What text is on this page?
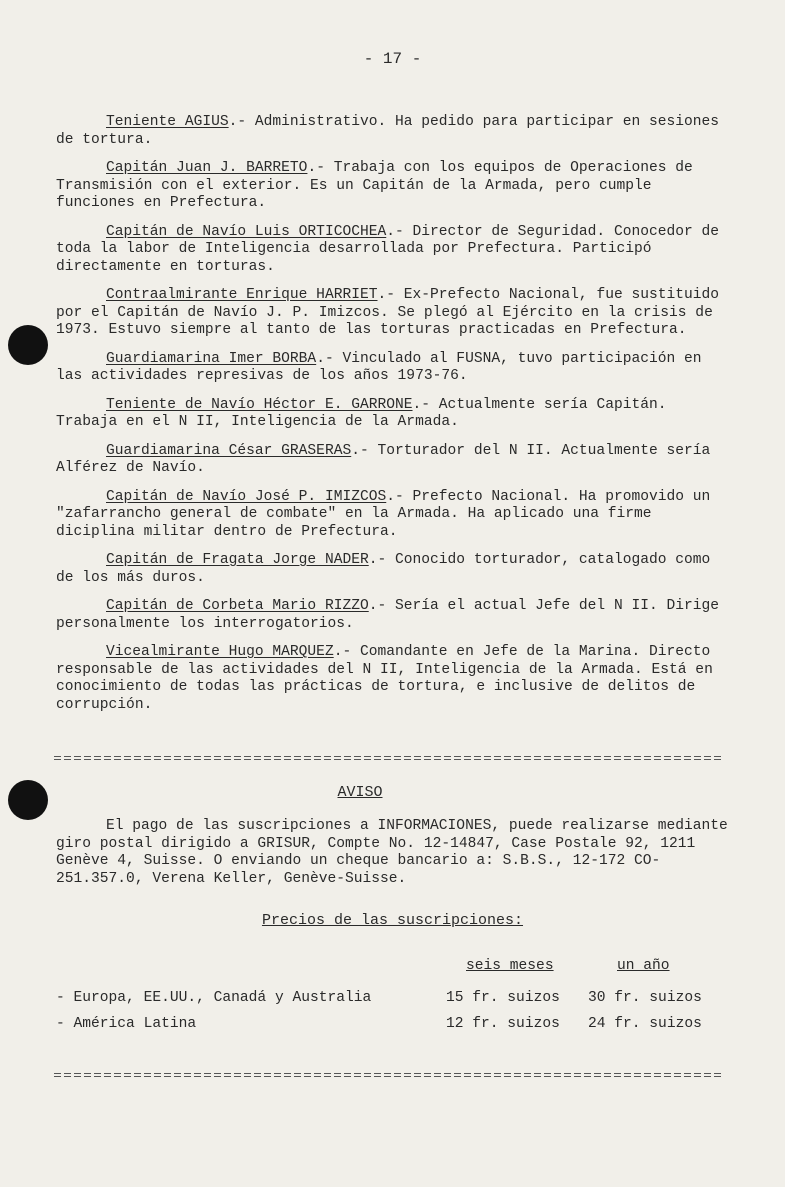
- 17 -

Teniente AGIUS.- Administrativo. Ha pedido para participar en sesiones de tortura.

Capitán Juan J. BARRETO.- Trabaja con los equipos de Operaciones de Transmisión con el exterior. Es un Capitán de la Armada, pero cumple funciones en Prefectura.

Capitán de Navío Luis ORTICOCHEA.- Director de Seguridad. Conocedor de toda la labor de Inteligencia desarrollada por Prefectura. Participó directamente en torturas.

Contraalmirante Enrique HARRIET.- Ex-Prefecto Nacional, fue sustituido por el Capitán de Navío J. P. Imizcos. Se plegó al Ejército en la crisis de 1973. Estuvo siempre al tanto de las torturas practicadas en Prefectura.

Guardiamarina Imer BORBA.- Vinculado al FUSNA, tuvo participación en las actividades represivas de los años 1973-76.

Teniente de Navío Héctor E. GARRONE.- Actualmente sería Capitán. Trabaja en el N II, Inteligencia de la Armada.

Guardiamarina César GRASERAS.- Torturador del N II. Actualmente sería Alférez de Navío.

Capitán de Navío José P. IMIZCOS.- Prefecto Nacional. Ha promovido un "zafarrancho general de combate" en la Armada. Ha aplicado una firme diciplina militar dentro de Prefectura.

Capitán de Fragata Jorge NADER.- Conocido torturador, catalogado como de los más duros.

Capitán de Corbeta Mario RIZZO.- Sería el actual Jefe del N II. Dirige personalmente los interrogatorios.

Vicealmirante Hugo MARQUEZ.- Comandante en Jefe de la Marina. Directo responsable de las actividades del N II, Inteligencia de la Armada. Está en conocimiento de todas las prácticas de tortura, e inclusive de delitos de corrupción.

AVISO
El pago de las suscripciones a INFORMACIONES, puede realizarse mediante giro postal dirigido a GRISUR, Compte No. 12-14847, Case Postale 92, 1211 Genève 4, Suisse. O enviando un cheque bancario a: S.B.S., 12-172 CO-251.357.0, Verena Keller, Genève-Suisse.
Precios de las suscripciones:
seis meses	un año
- Europa, EE.UU., Canadá y Australia	15 fr. suizos 30 fr. suizos
- América Latina	12 fr. suizos 24 fr. suizos
